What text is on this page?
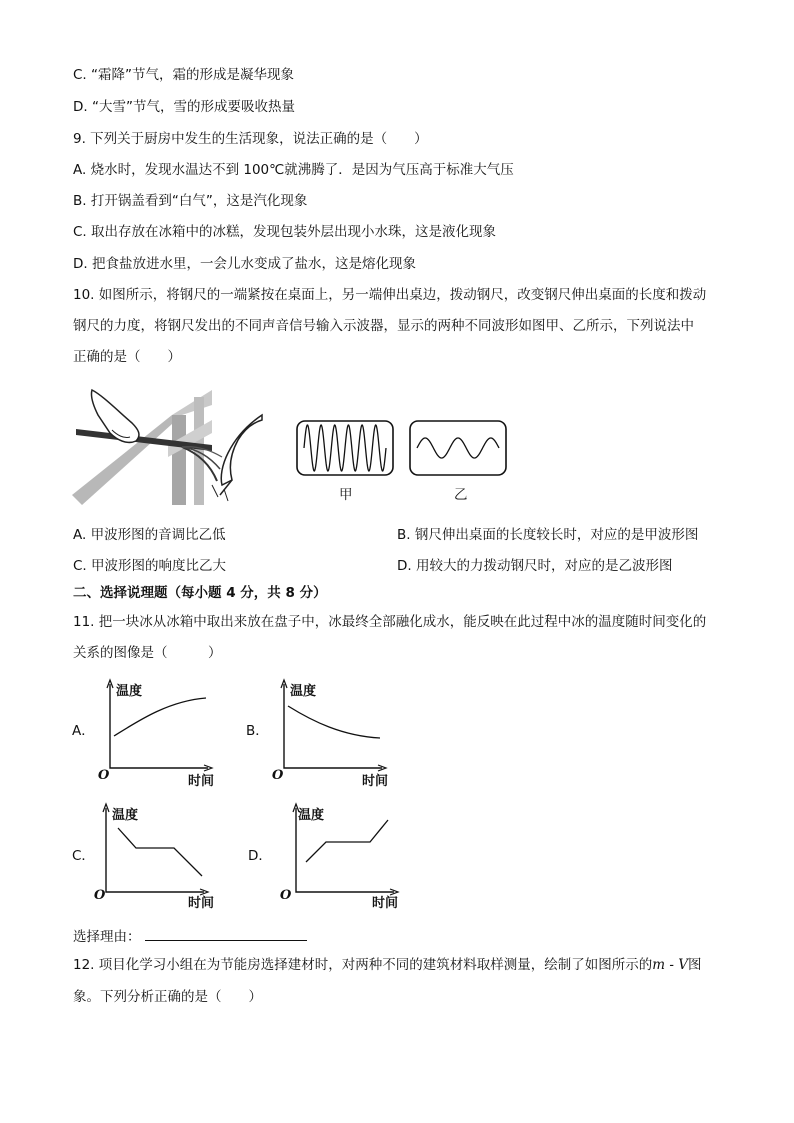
C. “霜降”节气，霜的形成是凝华现象
D. “大雪”节气，雪的形成要吸收热量
9. 下列关于厨房中发生的生活现象，说法正确的是（　　）
A. 烧水时，发现水温达不到 100℃就沸腾了．是因为气压高于标准大气压
B. 打开锅盖看到“白气”，这是汽化现象
C. 取出存放在冰箱中的冰糕，发现包装外层出现小水珠，这是液化现象
D. 把食盐放进水里，一会儿水变成了盐水，这是熔化现象
10. 如图所示，将钢尺的一端紧按在桌面上，另一端伸出桌边，拨动钢尺，改变钢尺伸出桌面的长度和拨动
钢尺的力度，将钢尺发出的不同声音信号输入示波器，显示的两种不同波形如图甲、乙所示，下列说法中
正确的是（　　）
甲	乙
A. 甲波形图的音调比乙低	B. 钢尺伸出桌面的长度较长时，对应的是甲波形图
C. 甲波形图的响度比乙大	D. 用较大的力拨动钢尺时，对应的是乙波形图
二、选择说理题（每小题 4 分，共 8 分）
11. 把一块冰从冰箱中取出来放在盘子中，冰最终全部融化成水，能反映在此过程中冰的温度随时间变化的
关系的图像是（　　　）
A．	B．
C．	D．
温度
O	时间
温度
O	时间
温度
O
时间
温度
O
时间
选择理由：
12. 项目化学习小组在为节能房选择建材时，对两种不同的建筑材料取样测量，绘制了如图所示的m - V图
象。下列分析正确的是（　　）
